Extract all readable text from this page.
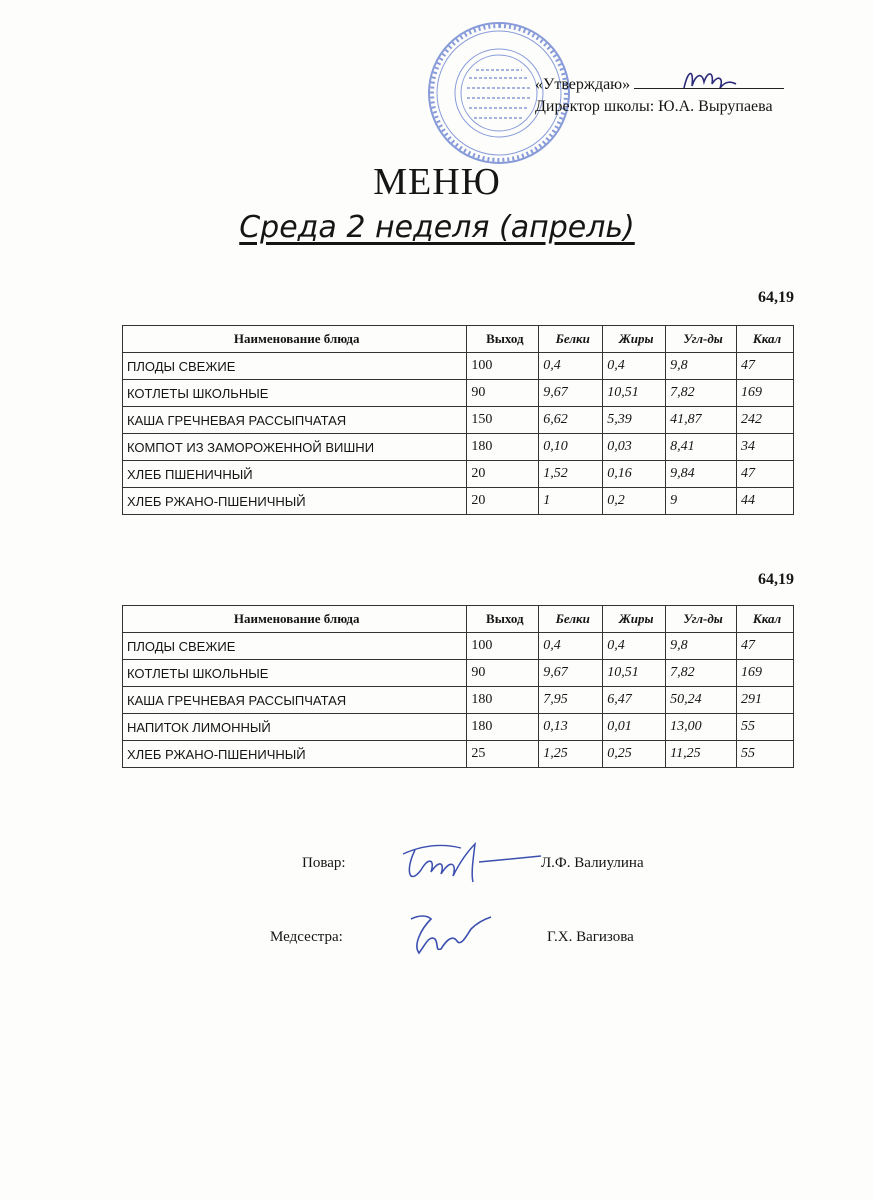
«Утверждаю»
Директор школы: Ю.А. Вырупаева
МЕНЮ
Среда 2 неделя (апрель)
64,19
Наименование блюда	Выход	Белки	Жиры	Угл-ды	Ккал
ПЛОДЫ СВЕЖИЕ	100	0,4	0,4	9,8	47
КОТЛЕТЫ ШКОЛЬНЫЕ	90	9,67	10,51	7,82	169
КАША ГРЕЧНЕВАЯ РАССЫПЧАТАЯ	150	6,62	5,39	41,87	242
КОМПОТ ИЗ ЗАМОРОЖЕННОЙ ВИШНИ	180	0,10	0,03	8,41	34
ХЛЕБ ПШЕНИЧНЫЙ	20	1,52	0,16	9,84	47
ХЛЕБ РЖАНО-ПШЕНИЧНЫЙ	20	1	0,2	9	44
64,19
Наименование блюда	Выход	Белки	Жиры	Угл-ды	Ккал
ПЛОДЫ СВЕЖИЕ	100	0,4	0,4	9,8	47
КОТЛЕТЫ ШКОЛЬНЫЕ	90	9,67	10,51	7,82	169
КАША ГРЕЧНЕВАЯ РАССЫПЧАТАЯ	180	7,95	6,47	50,24	291
НАПИТОК ЛИМОННЫЙ	180	0,13	0,01	13,00	55
ХЛЕБ РЖАНО-ПШЕНИЧНЫЙ	25	1,25	0,25	11,25	55
Повар:	Л.Ф. Валиулина
Медсестра:	Г.Х. Вагизова
